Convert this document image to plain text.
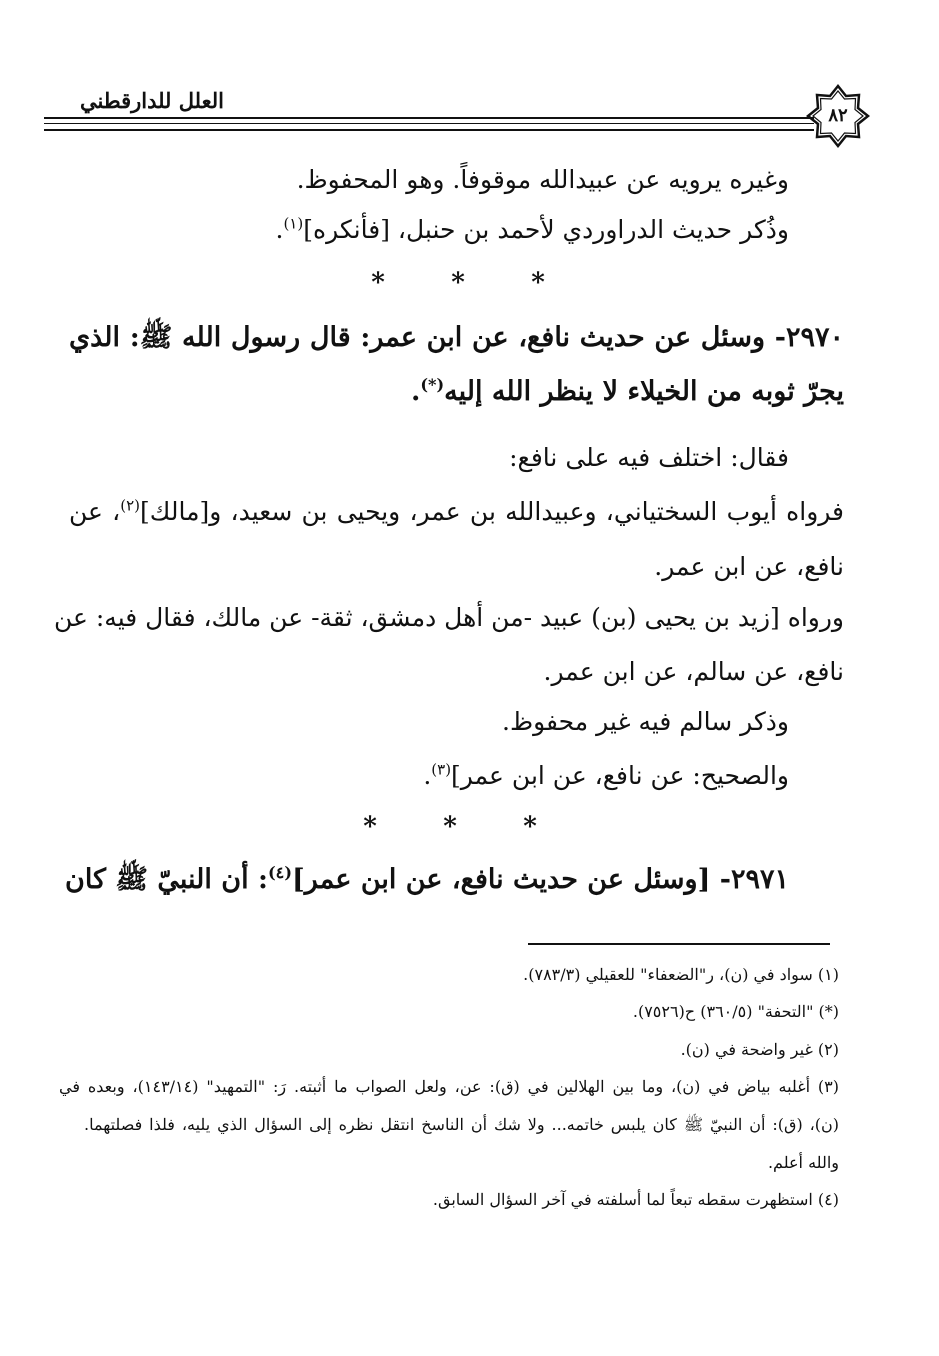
العلل للدارقطني
٨٢
وغيره يرويه عن عبيدالله موقوفاً. وهو المحفوظ.
وذُكر حديث الدراوردي لأحمد بن حنبل، [فأنكره]$^{(١)}$.
*	*	*
٢٩٧٠- وسئل عن حديث نافع، عن ابن عمر: قال رسول الله ﷺ: الذي
يجرّ ثوبه من الخيلاء لا ينظر الله إليه(*).
فقال: اختلف فيه على نافع:
فرواه أيوب السختياني، وعبيدالله بن عمر، ويحيى بن سعيد، و[مالك]$^{(٢)}$، عن
نافع، عن ابن عمر.
ورواه [زيد بن يحيى (بن) عبيد -من أهل دمشق، ثقة- عن مالك، فقال فيه: عن
نافع، عن سالم، عن ابن عمر.
وذكر سالم فيه غير محفوظ.
والصحيح: عن نافع، عن ابن عمر]$^{(٣)}$.
*	*	*
٢٩٧١- [وسئل عن حديث نافع، عن ابن عمر]$^{(٤)}$: أن النبيّ ﷺ كان
(١) سواد في (ن)، ر"الضعفاء" للعقيلي (٧٨٣/٣).
(*) "التحفة" (٣٦٠/٥) ح(٧٥٢٦).
(٢) غير واضحة في (ن).
(٣) أغلبه بياض في (ن)، وما بين الهلالين في (ق): عن، ولعل الصواب ما أثبته. رَ: "التمهيد" (١٤٣/١٤)، وبعده في
(ن)، (ق): أن النبيّ ﷺ كان يلبس خاتمه... ولا شك أن الناسخ انتقل نظره إلى السؤال الذي يليه، فلذا فصلتهما.
والله أعلم.
(٤) استظهرت سقطه تبعاً لما أسلفته في آخر السؤال السابق.
